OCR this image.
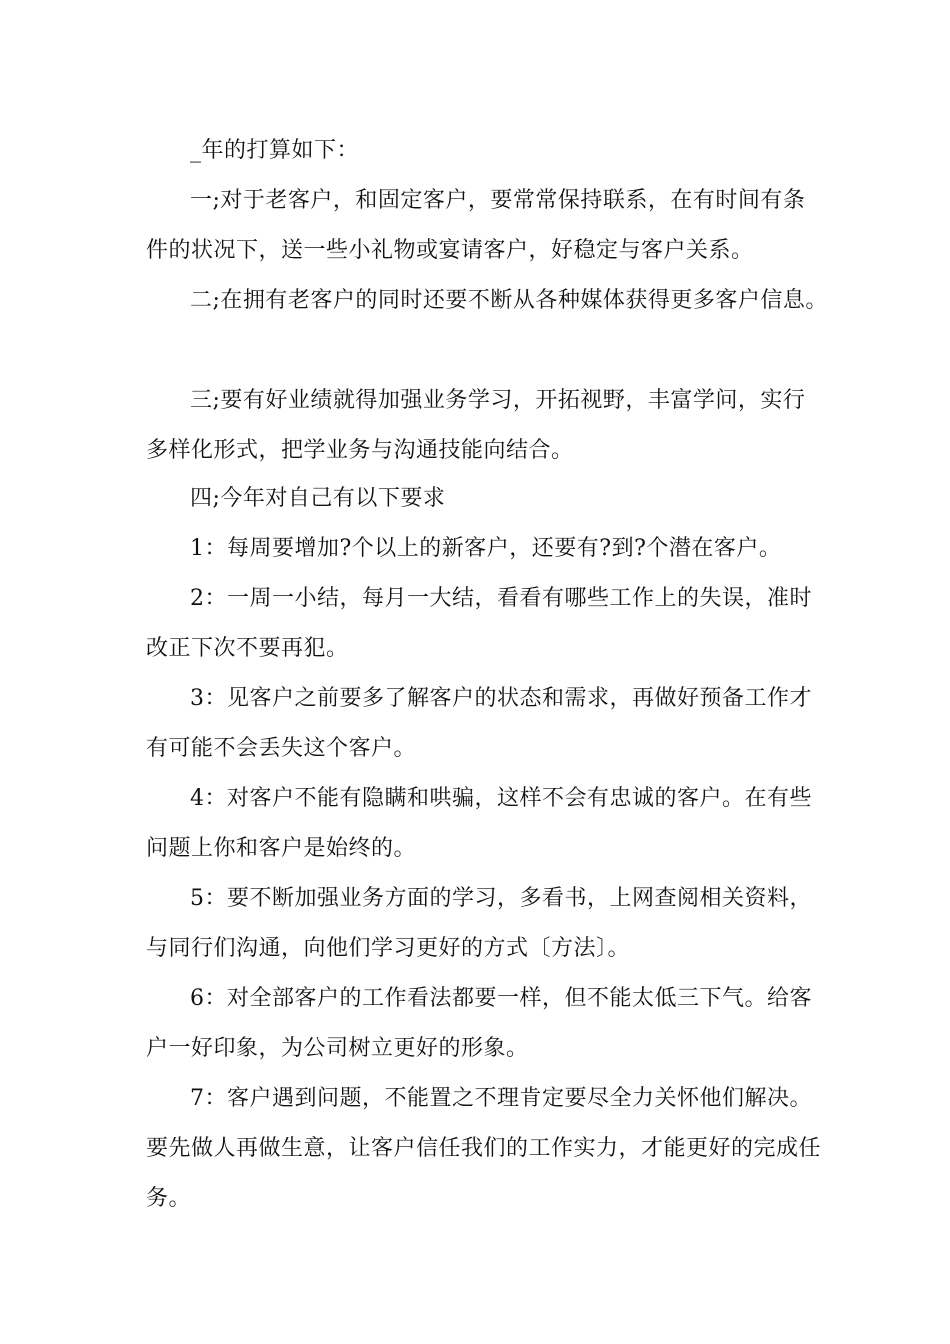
_年的打算如下：

一;对于老客户，和固定客户，要常常保持联系，在有时间有条件的状况下，送一些小礼物或宴请客户，好稳定与客户关系。

二;在拥有老客户的同时还要不断从各种媒体获得更多客户信息。

三;要有好业绩就得加强业务学习，开拓视野，丰富学问，实行多样化形式，把学业务与沟通技能向结合。

四;今年对自己有以下要求

1：每周要增加?个以上的新客户，还要有?到?个潜在客户。

2：一周一小结，每月一大结，看看有哪些工作上的失误，准时改正下次不要再犯。

3：见客户之前要多了解客户的状态和需求，再做好预备工作才有可能不会丢失这个客户。

4：对客户不能有隐瞒和哄骗，这样不会有忠诚的客户。在有些问题上你和客户是始终的。

5：要不断加强业务方面的学习，多看书，上网查阅相关资料，与同行们沟通，向他们学习更好的方式〔方法〕。

6：对全部客户的工作看法都要一样，但不能太低三下气。给客户一好印象，为公司树立更好的形象。

7：客户遇到问题，不能置之不理肯定要尽全力关怀他们解决。要先做人再做生意，让客户信任我们的工作实力，才能更好的完成任务。
